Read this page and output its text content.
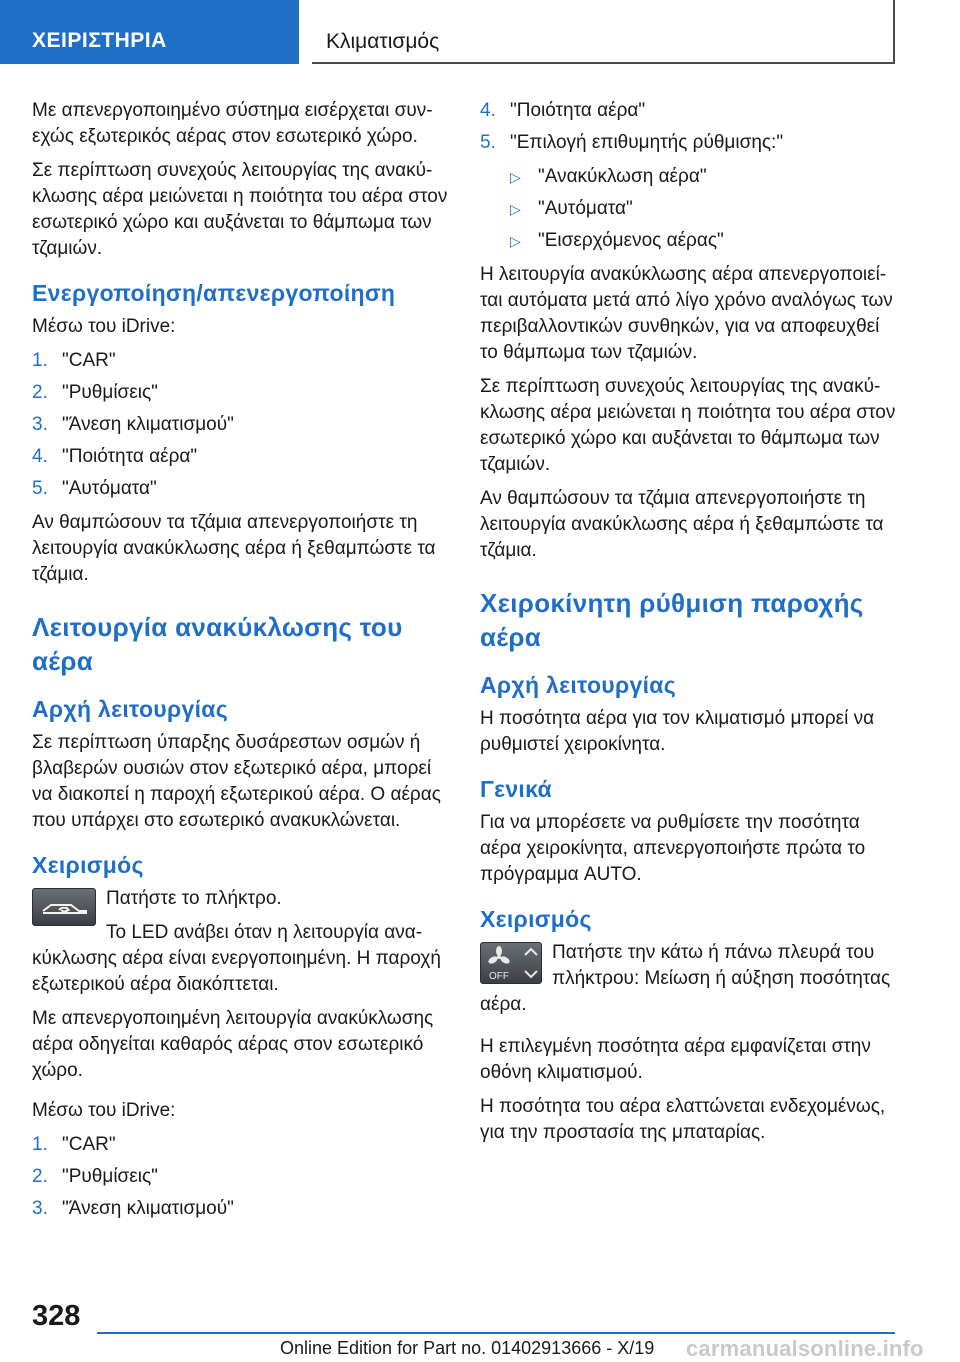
ΧΕΙΡΙΣΤΗΡΙΑ	Κλιματισμός

Με απενεργοποιημένο σύστημα εισέρχεται συν-εχώς εξωτερικός αέρας στον εσωτερικό χώρο.

Σε περίπτωση συνεχούς λειτουργίας της ανακύ-κλωσης αέρα μειώνεται η ποιότητα του αέρα στον εσωτερικό χώρο και αυξάνεται το θάμπωμα των τζαμιών.

Ενεργοποίηση/απενεργοποίηση

Μέσω του iDrive:

1. "CAR"
2. "Ρυθμίσεις"
3. "Άνεση κλιματισμού"
4. "Ποιότητα αέρα"
5. "Αυτόματα"

Αν θαμπώσουν τα τζάμια απενεργοποιήστε τη λειτουργία ανακύκλωσης αέρα ή ξεθαμπώστε τα τζάμια.

Λειτουργία ανακύκλωσης του αέρα
Αρχή λειτουργίας

Σε περίπτωση ύπαρξης δυσάρεστων οσμών ή βλαβερών ουσιών στον εξωτερικό αέρα, μπορεί να διακοπεί η παροχή εξωτερικού αέρα. Ο αέρας που υπάρχει στο εσωτερικό ανακυκλώνεται.

Χειρισμός

Πατήστε το πλήκτρο.

Το LED ανάβει όταν η λειτουργία ανα-κύκλωσης αέρα είναι ενεργοποιημένη. Η παροχή εξωτερικού αέρα διακόπτεται.

Με απενεργοποιημένη λειτουργία ανακύκλωσης αέρα οδηγείται καθαρός αέρας στον εσωτερικό χώρο.

Μέσω του iDrive:

1. "CAR"
2. "Ρυθμίσεις"
3. "Άνεση κλιματισμού"
4. "Ποιότητα αέρα"
5. "Επιλογή επιθυμητής ρύθμισης:"
▷ "Ανακύκλωση αέρα"
▷ "Αυτόματα"
▷ "Εισερχόμενος αέρας"

Η λειτουργία ανακύκλωσης αέρα απενεργοποιεί-ται αυτόματα μετά από λίγο χρόνο αναλόγως των περιβαλλοντικών συνθηκών, για να αποφευχθεί το θάμπωμα των τζαμιών.

Σε περίπτωση συνεχούς λειτουργίας της ανακύ-κλωσης αέρα μειώνεται η ποιότητα του αέρα στον εσωτερικό χώρο και αυξάνεται το θάμπωμα των τζαμιών.

Αν θαμπώσουν τα τζάμια απενεργοποιήστε τη λειτουργία ανακύκλωσης αέρα ή ξεθαμπώστε τα τζάμια.

Χειροκίνητη ρύθμιση παροχής αέρα
Αρχή λειτουργίας

Η ποσότητα αέρα για τον κλιματισμό μπορεί να ρυθμιστεί χειροκίνητα.

Γενικά

Για να μπορέσετε να ρυθμίσετε την ποσότητα αέρα χειροκίνητα, απενεργοποιήστε πρώτα το πρόγραμμα AUTO.

Χειρισμός
OFF

Πατήστε την κάτω ή πάνω πλευρά του πλήκτρου: Μείωση ή αύξηση ποσότητας αέρα.

Η επιλεγμένη ποσότητα αέρα εμφανίζεται στην οθόνη κλιματισμού.

Η ποσότητα του αέρα ελαττώνεται ενδεχομένως, για την προστασία της μπαταρίας.

328
Online Edition for Part no. 01402913666 - X/19 carmanualsonline.info
